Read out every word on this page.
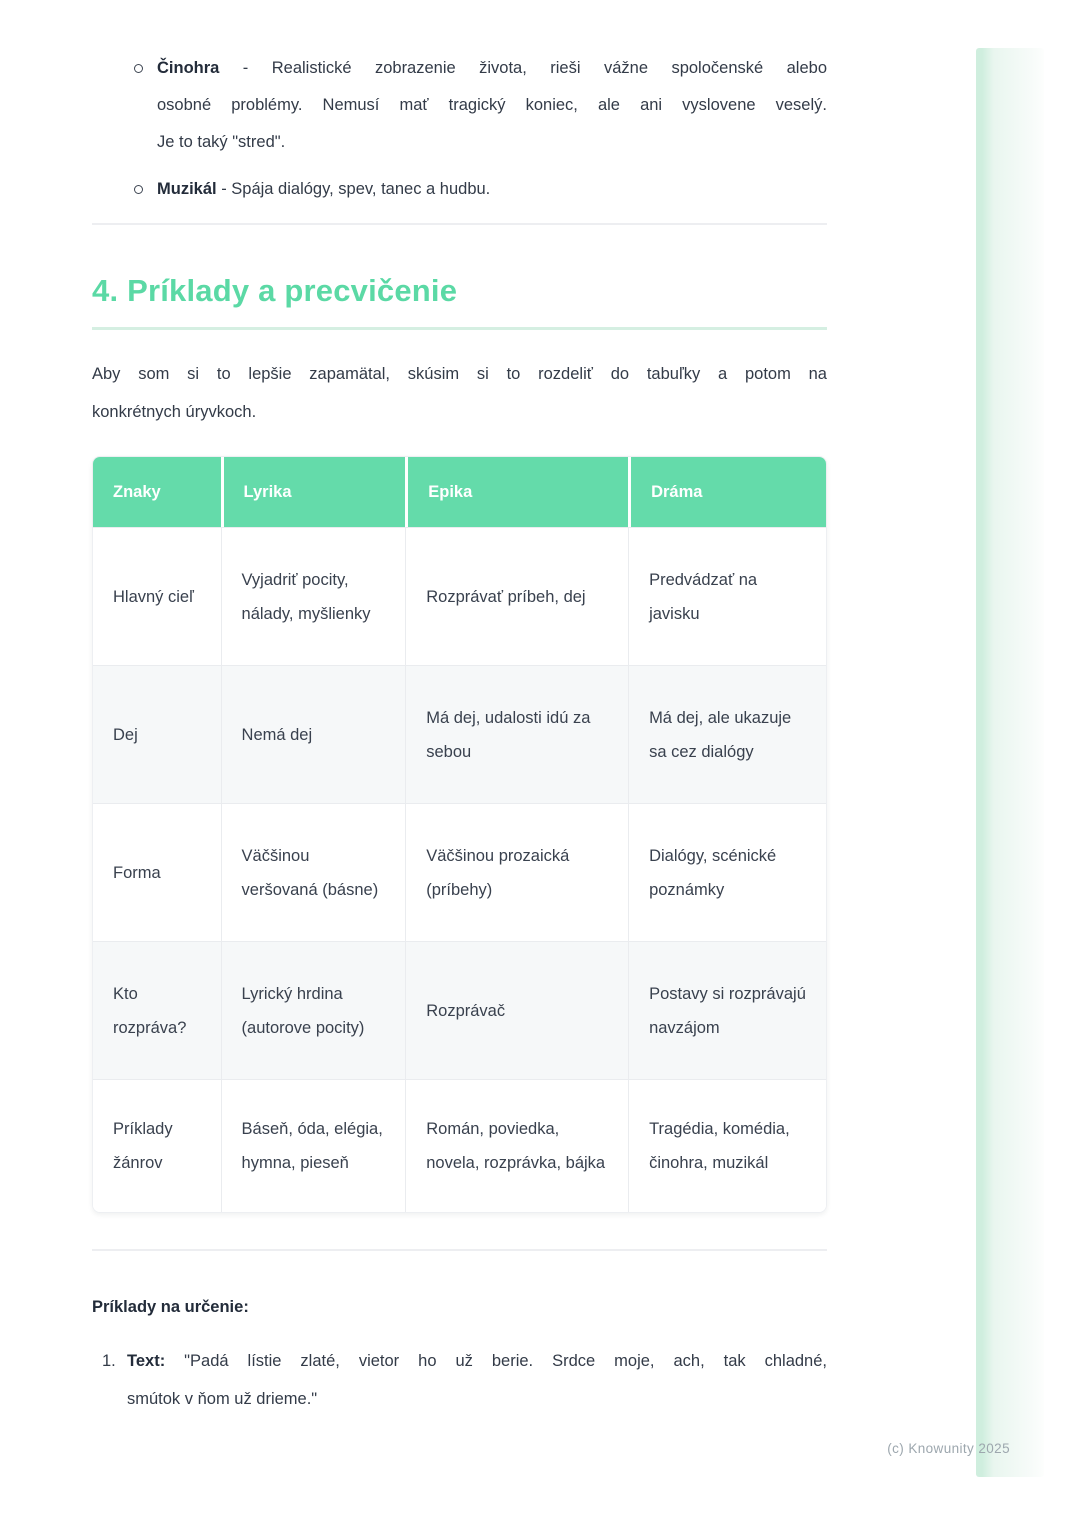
Činohra - Realistické zobrazenie života, rieši vážne spoločenské alebo
osobné problémy. Nemusí mať tragický koniec, ale ani vyslovene veselý.
Je to taký "stred".
Muzikál - Spája dialógy, spev, tanec a hudbu.
4. Príklady a precvičenie
Aby som si to lepšie zapamätal, skúsim si to rozdeliť do tabuľky a potom na
konkrétnych úryvkoch.
Znaky	Lyrika	Epika	Dráma
Hlavný cieľ	Vyjadriť pocity, nálady, myšlienky	Rozprávať príbeh, dej	Predvádzať na javisku
Dej	Nemá dej	Má dej, udalosti idú za sebou	Má dej, ale ukazuje sa cez dialógy
Forma	Väčšinou veršovaná (básne)	Väčšinou prozaická (príbehy)	Dialógy, scénické poznámky
Kto rozpráva?	Lyrický hrdina (autorove pocity)	Rozprávač	Postavy si rozprávajú navzájom
Príklady žánrov	Báseň, óda, elégia, hymna, pieseň	Román, poviedka, novela, rozprávka, bájka	Tragédia, komédia, činohra, muzikál

Príklady na určenie:

1. Text: "Padá lístie zlaté, vietor ho už berie. Srdce moje, ach, tak chladné,
smútok v ňom už drieme."
(c) Knowunity 2025
